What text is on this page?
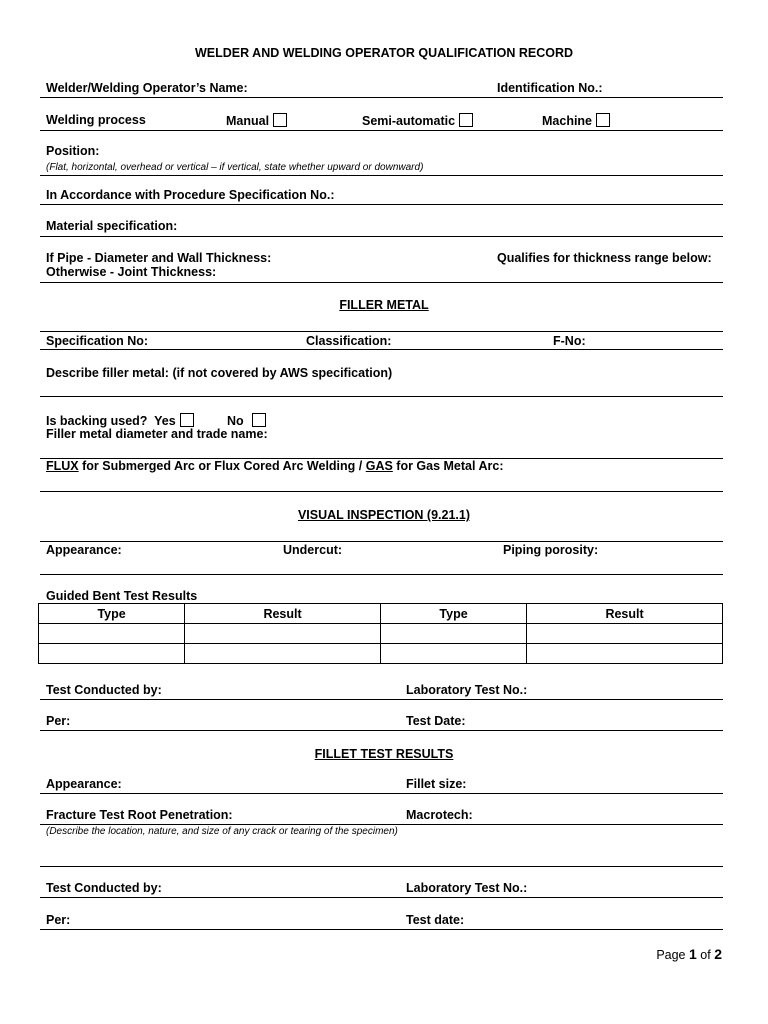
WELDER AND WELDING OPERATOR QUALIFICATION RECORD
Welder/Welding Operator’s Name:	Identification No.:
Welding process	Manual	Semi-automatic	Machine
Position:
(Flat, horizontal, overhead or vertical – if vertical, state whether upward or downward)
In Accordance with Procedure Specification No.:
Material specification:
If Pipe - Diameter and Wall Thickness:	Qualifies for thickness range below:
Otherwise - Joint Thickness:
FILLER METAL
Specification No:	Classification:	F-No:
Describe filler metal: (if not covered by AWS specification)
Is backing used? Yes	No
Filler metal diameter and trade name:
FLUX for Submerged Arc or Flux Cored Arc Welding / GAS for Gas Metal Arc:
VISUAL INSPECTION (9.21.1)
Appearance:	Undercut:	Piping porosity:
Guided Bent Test Results
Type	Result	Type	Result

Test Conducted by:	Laboratory Test No.:
Per:	Test Date:
FILLET TEST RESULTS
Appearance:	Fillet size:
Fracture Test Root Penetration:	Macrotech:
(Describe the location, nature, and size of any crack or tearing of the specimen)
Test Conducted by:	Laboratory Test No.:
Per:	Test date:
Page 1 of 2
